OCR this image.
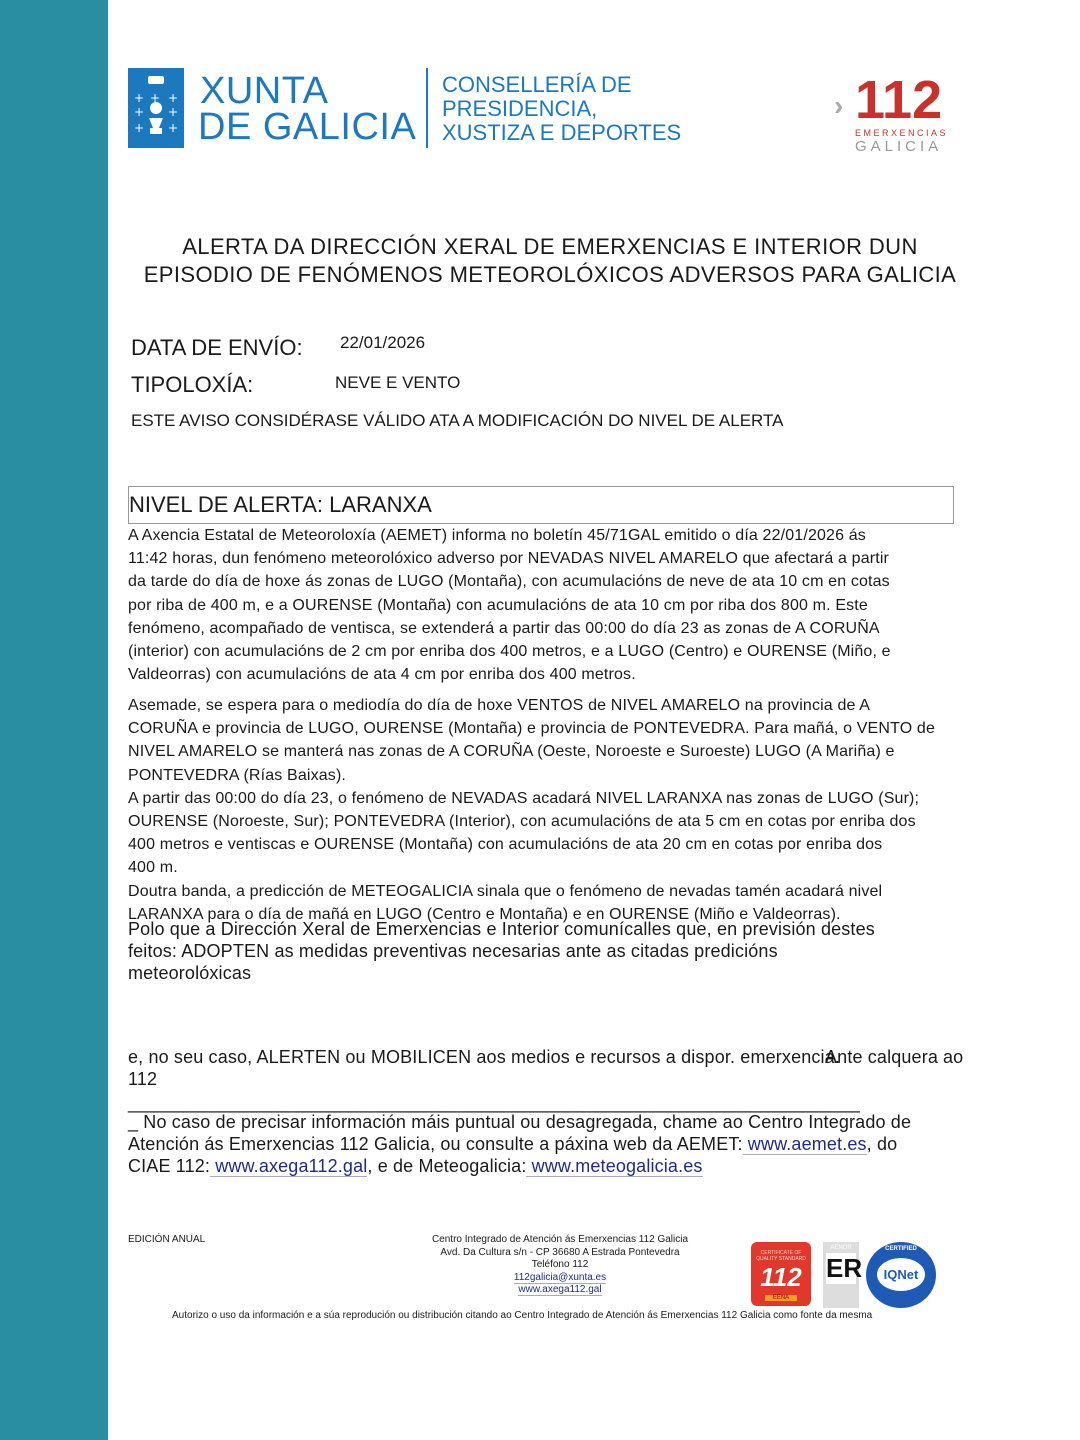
+ + +
+ +
+ +
XUNTA
DE GALICIA
CONSELLERÍA DE
PRESIDENCIA,
XUSTIZA E DEPORTES
› 112
EMERXENCIAS
GALICIA
ALERTA DA DIRECCIÓN XERAL DE EMERXENCIAS E INTERIOR DUN
EPISODIO DE FENÓMENOS METEOROLÓXICOS ADVERSOS PARA GALICIA
DATA DE ENVÍO: 22/01/2026
TIPOLOXÍA:	NEVE E VENTO
ESTE AVISO CONSIDÉRASE VÁLIDO ATA A MODIFICACIÓN DO NIVEL DE ALERTA
NIVEL DE ALERTA: LARANXA
A Axencia Estatal de Meteoroloxía (AEMET) informa no boletín 45/71GAL emitido o día 22/01/2026 ás
11:42 horas, dun fenómeno meteorolóxico adverso por NEVADAS NIVEL AMARELO que afectará a partir
da tarde do día de hoxe ás zonas de LUGO (Montaña), con acumulacións de neve de ata 10 cm en cotas
por riba de 400 m, e a OURENSE (Montaña) con acumulacións de ata 10 cm por riba dos 800 m. Este
fenómeno, acompañado de ventisca, se extenderá a partir das 00:00 do día 23 as zonas de A CORUÑA
(interior) con acumulacións de 2 cm por enriba dos 400 metros, e a LUGO (Centro) e OURENSE (Miño, e
Valdeorras) con acumulacións de ata 4 cm por enriba dos 400 metros.
Asemade, se espera para o mediodía do día de hoxe VENTOS de NIVEL AMARELO na provincia de A
CORUÑA e provincia de LUGO, OURENSE (Montaña) e provincia de PONTEVEDRA. Para mañá, o VENTO de
NIVEL AMARELO se manterá nas zonas de A CORUÑA (Oeste, Noroeste e Suroeste) LUGO (A Mariña) e
PONTEVEDRA (Rías Baixas).
A partir das 00:00 do día 23, o fenómeno de NEVADAS acadará NIVEL LARANXA nas zonas de LUGO (Sur);
OURENSE (Noroeste, Sur); PONTEVEDRA (Interior), con acumulacións de ata 5 cm en cotas por enriba dos
400 metros e ventiscas e OURENSE (Montaña) con acumulacións de ata 20 cm en cotas por enriba dos
400 m.
Doutra banda, a predicción de METEOGALICIA sinala que o fenómeno de nevadas tamén acadará nivel
LARANXA para o día de mañá en LUGO (Centro e Montaña) e en OURENSE (Miño e Valdeorras).
Polo que a Dirección Xeral de Emerxencias e Interior comunícalles que, en previsión destes
feitos: ADOPTEN as medidas preventivas necesarias ante as citadas predicións
meteorolóxicas
e, no seu caso, ALERTEN ou MOBILICEN aos medios e recursos a dispor. emerxencia.
112
Ante calquera ao
_______________________________________________________________________
_ No caso de precisar información máis puntual ou desagregada, chame ao Centro Integrado de
Atención ás Emerxencias 112 Galicia, ou consulte a páxina web da AEMET: www.aemet.es, do
CIAE 112: www.axega112.gal, e de Meteogalicia: www.meteogalicia.es
EDICIÓN ANUAL	Centro Integrado de Atención ás Emerxencias 112 Galicia
Avd. Da Cultura s/n - CP 36680 A Estrada Pontevedra
Teléfono 112
112galicia@xunta.es
www.axega112.gal
CERTIFICATE OF QUALITY STANDARD
112
EENA
AENOR
ER
CERTIFIED
IQNet
Autorizo o uso da información e a súa reprodución ou distribución citando ao Centro Integrado de Atención ás Emerxencias 112 Galicia como fonte da mesma
